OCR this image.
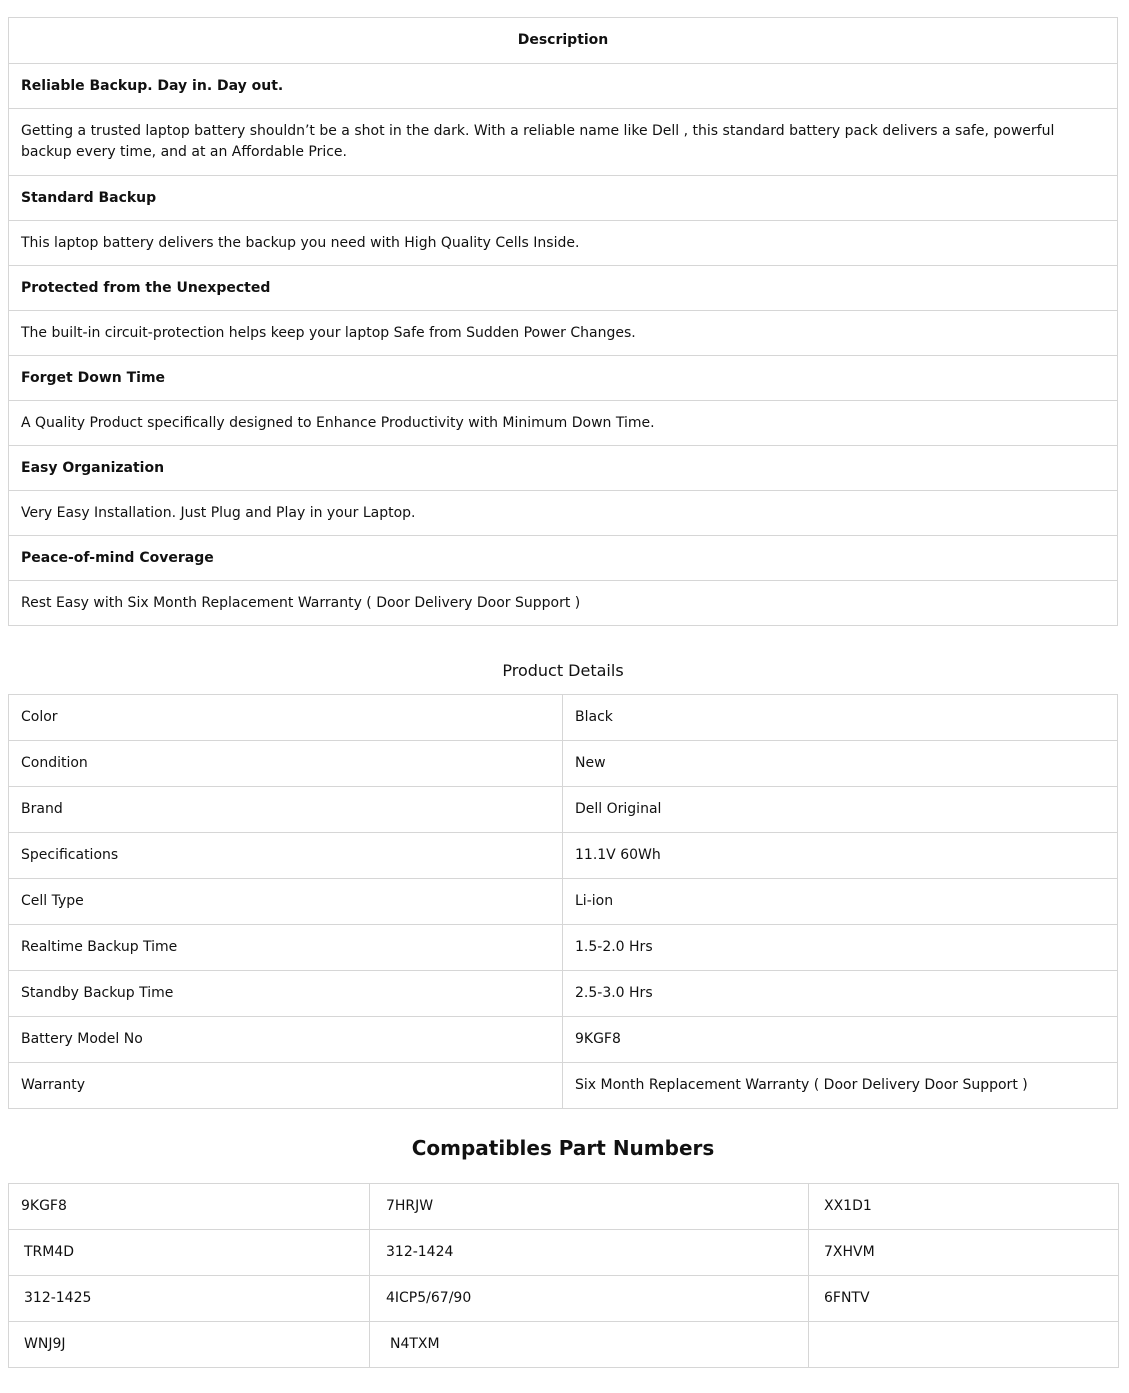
Description
Reliable Backup. Day in. Day out.
Getting a trusted laptop battery shouldn’t be a shot in the dark. With a reliable name like Dell , this standard battery pack delivers a safe, powerful backup every time, and at an Affordable Price.
Standard Backup
This laptop battery delivers the backup you need with High Quality Cells Inside.
Protected from the Unexpected
The built-in circuit-protection helps keep your laptop Safe from Sudden Power Changes.
Forget Down Time
A Quality Product specifically designed to Enhance Productivity with Minimum Down Time.
Easy Organization
Very Easy Installation. Just Plug and Play in your Laptop.
Peace-of-mind Coverage
Rest Easy with Six Month Replacement Warranty ( Door Delivery Door Support )
Product Details
Color	Black
Condition	New
Brand	Dell Original
Specifications	11.1V 60Wh
Cell Type	Li-ion
Realtime Backup Time	1.5-2.0 Hrs
Standby Backup Time	2.5-3.0 Hrs
Battery Model No	9KGF8
Warranty	Six Month Replacement Warranty ( Door Delivery Door Support )
Compatibles Part Numbers
9KGF8	7HRJW	XX1D1
TRM4D	312-1424	7XHVM
312-1425	4ICP5/67/90	6FNTV
WNJ9J	N4TXM	
